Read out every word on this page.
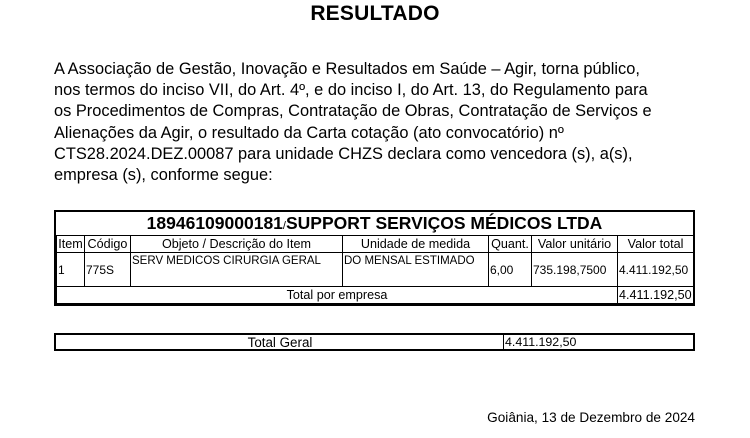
RESULTADO
A Associação de Gestão, Inovação e Resultados em Saúde – Agir, torna público,
nos termos do inciso VII, do Art. 4º, e do inciso I, do Art. 13, do Regulamento para
os Procedimentos de Compras, Contratação de Obras, Contratação de Serviços e
Alienações da Agir, o resultado da Carta cotação (ato convocatório) nº
CTS28.2024.DEZ.00087 para unidade CHZS declara como vencedora (s), a(s),
empresa (s), conforme segue:
18946109000181/SUPPORT SERVIÇOS MÉDICOS LTDA
Item	Código	Objeto / Descrição do Item	Unidade de medida	Quant.	Valor unitário	Valor total
1	775S	SERV MEDICOS CIRURGIA GERAL	DO MENSAL ESTIMADO	6,00	735.198,7500	4.411.192,50
Total por empresa						4.411.192,50
Total Geral	4.411.192,50
Goiânia, 13 de Dezembro de 2024
